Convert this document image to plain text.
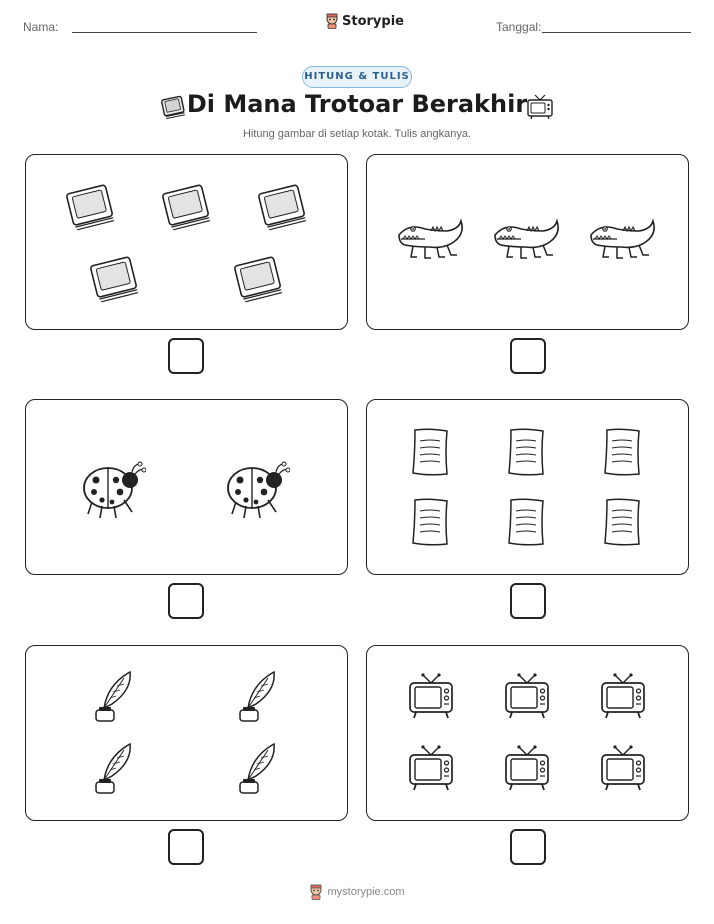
Nama:	Storypie	Tanggal:
HITUNG & TULIS
Di Mana Trotoar Berakhir
Hitung gambar di setiap kotak. Tulis angkanya.
mystorypie.com
